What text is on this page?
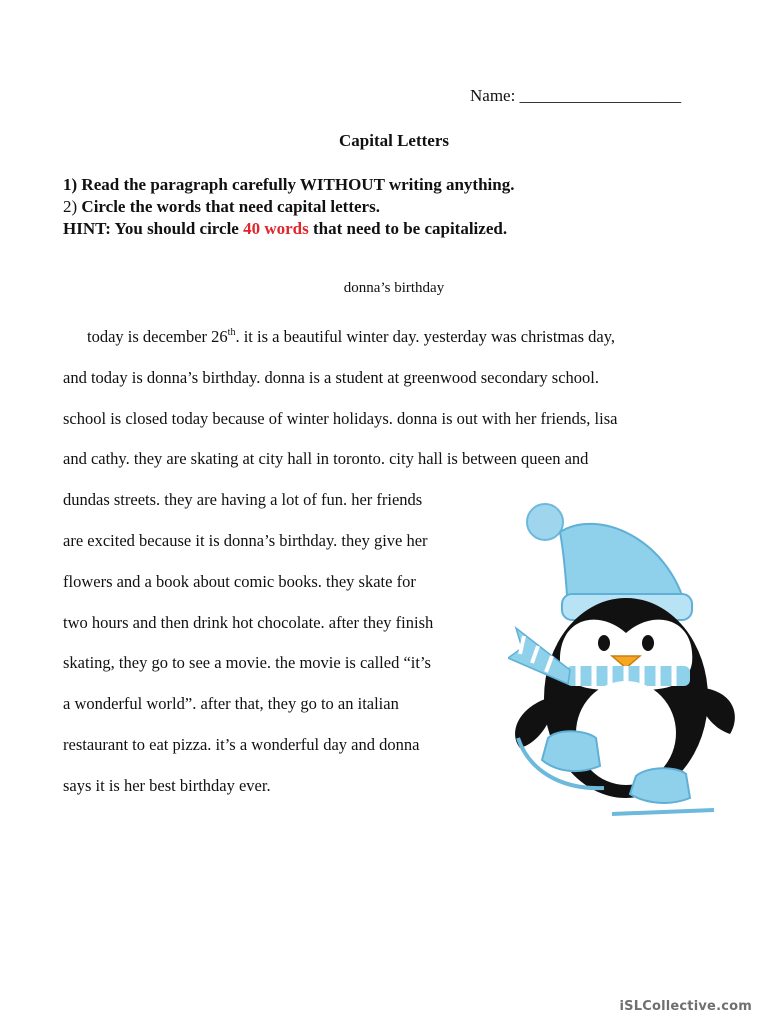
Name: ___________________
Capital Letters
1) Read the paragraph carefully WITHOUT writing anything.
2) Circle the words that need capital letters.
HINT: You should circle 40 words that need to be capitalized.
donna’s birthday
today is december 26th. it is a beautiful winter day. yesterday was christmas day,
and today is donna’s birthday. donna is a student at greenwood secondary school.
school is closed today because of winter holidays. donna is out with her friends, lisa
and cathy. they are skating at city hall in toronto. city hall is between queen and
dundas streets. they are having a lot of fun. her friends
are excited because it is donna’s birthday. they give her
flowers and a book about comic books. they skate for
two hours and then drink hot chocolate. after they finish
skating, they go to see a movie. the movie is called “it’s
a wonderful world”. after that, they go to an italian
restaurant to eat pizza. it’s a wonderful day and donna
says it is her best birthday ever.
iSLCollective.com
